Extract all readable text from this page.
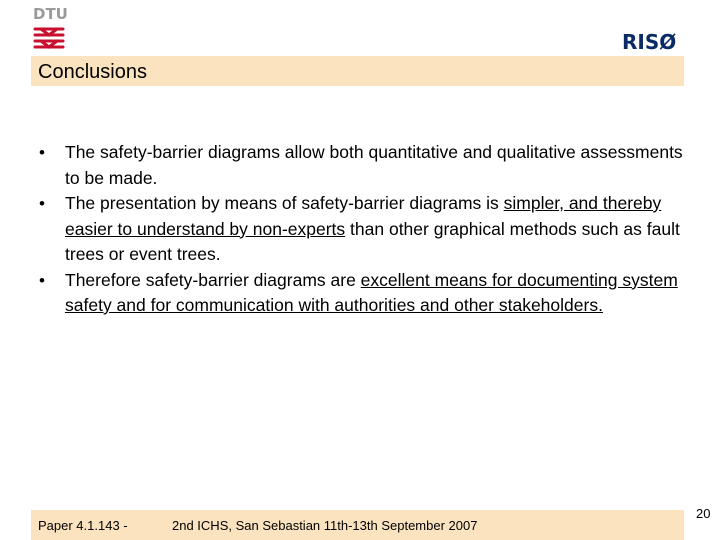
DTU
RISØ
Conclusions
• The safety-barrier diagrams allow both quantitative and qualitative assessments to be made.
• The presentation by means of safety-barrier diagrams is simpler, and thereby easier to understand by non-experts than other graphical methods such as fault trees or event trees.
• Therefore safety-barrier diagrams are excellent means for documenting system safety and for communication with authorities and other stakeholders.
Paper 4.1.143 -	2nd ICHS, San Sebastian 11th-13th September 2007
20
